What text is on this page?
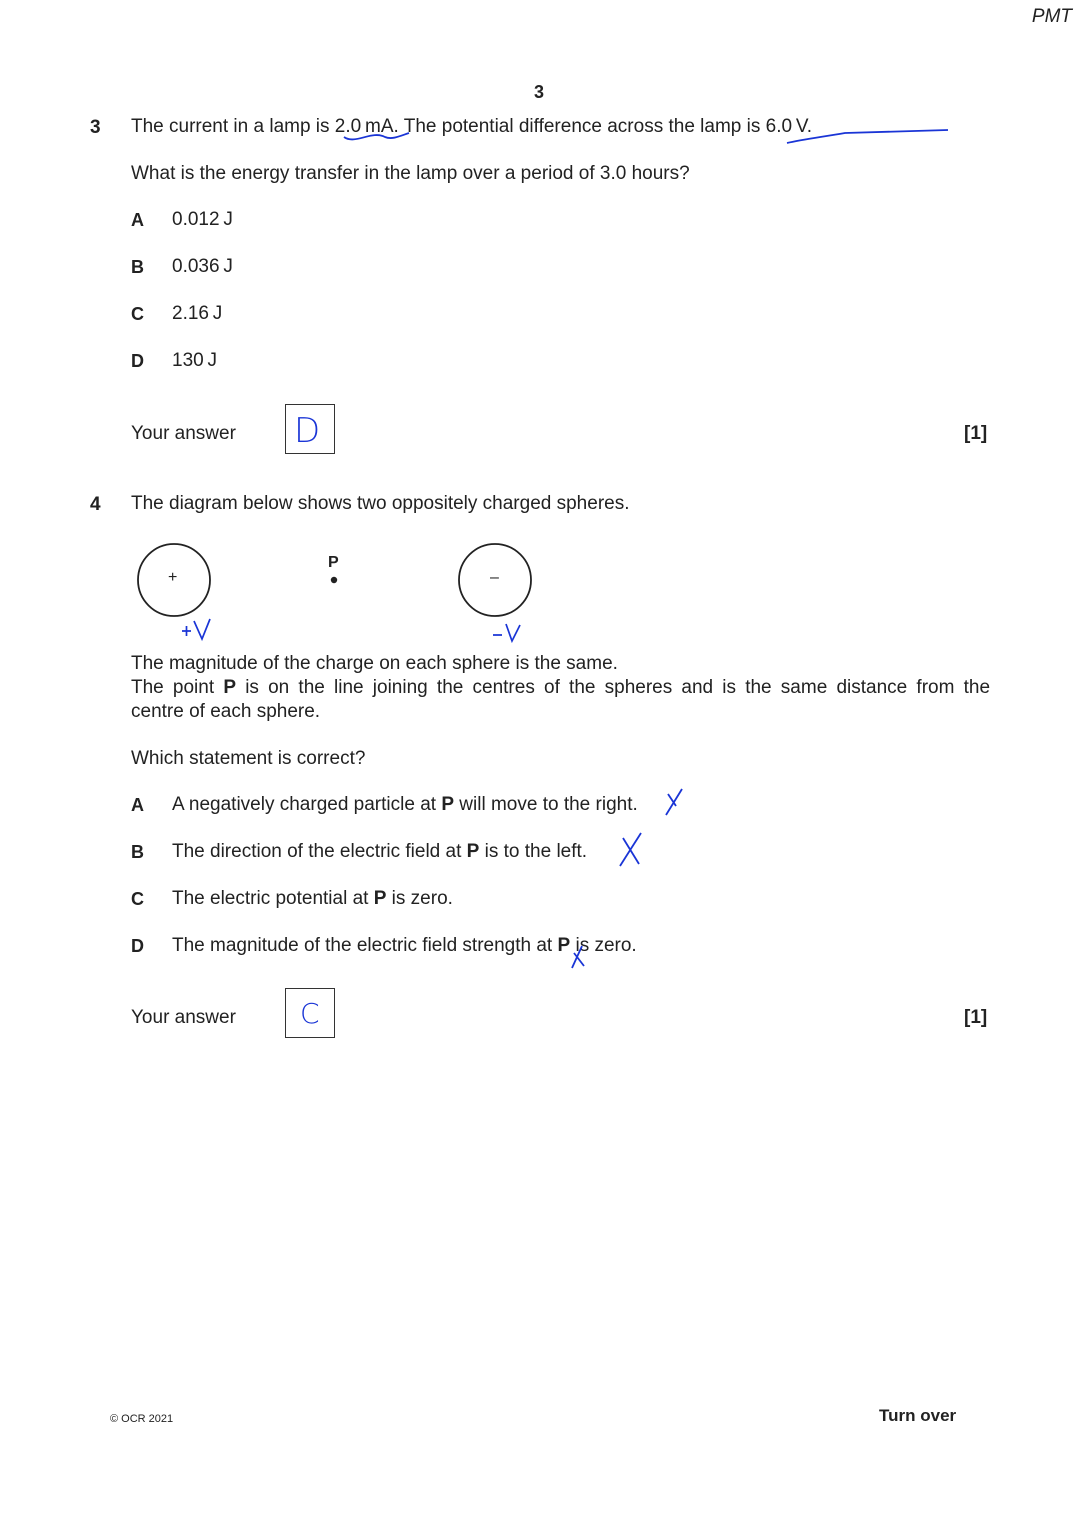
PMT
3
3 The current in a lamp is 2.0 mA. The potential difference across the lamp is 6.0 V.
What is the energy transfer in the lamp over a period of 3.0 hours?
A 0.012 J
B 0.036 J
C 2.16 J
D 130 J
Your answer D	[1]
4 The diagram below shows two oppositely charged spheres.
+	–
P
The magnitude of the charge on each sphere is the same.
The point P is on the line joining the centres of the spheres and is the same distance from the
centre of each sphere.
Which statement is correct?
A A negatively charged particle at P will move to the right.
B The direction of the electric field at P is to the left.
C The electric potential at P is zero.
D The magnitude of the electric field strength at P is zero.
Your answer C	[1]
© OCR 2021	Turn over
